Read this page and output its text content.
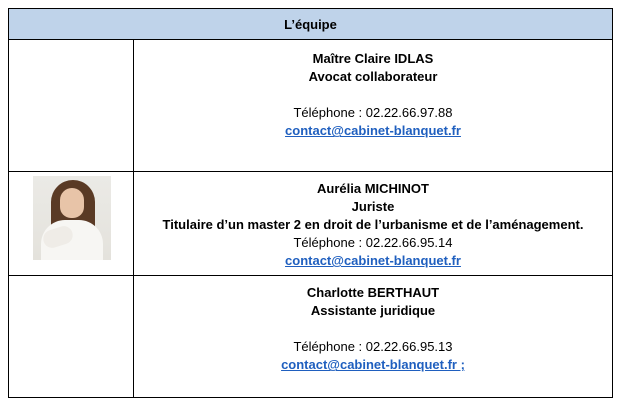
L’équipe	

	Maître Claire IDLAS
Avocat collaborateur
Téléphone : 02.22.66.97.88
contact@cabinet-blanquet.fr

	Aurélia MICHINOT
Juriste
Titulaire d’un master 2 en droit de l’urbanisme et de l’aménagement.
Téléphone : 02.22.66.95.14
contact@cabinet-blanquet.fr

	Charlotte BERTHAUT
Assistante juridique
Téléphone : 02.22.66.95.13
contact@cabinet-blanquet.fr ;
